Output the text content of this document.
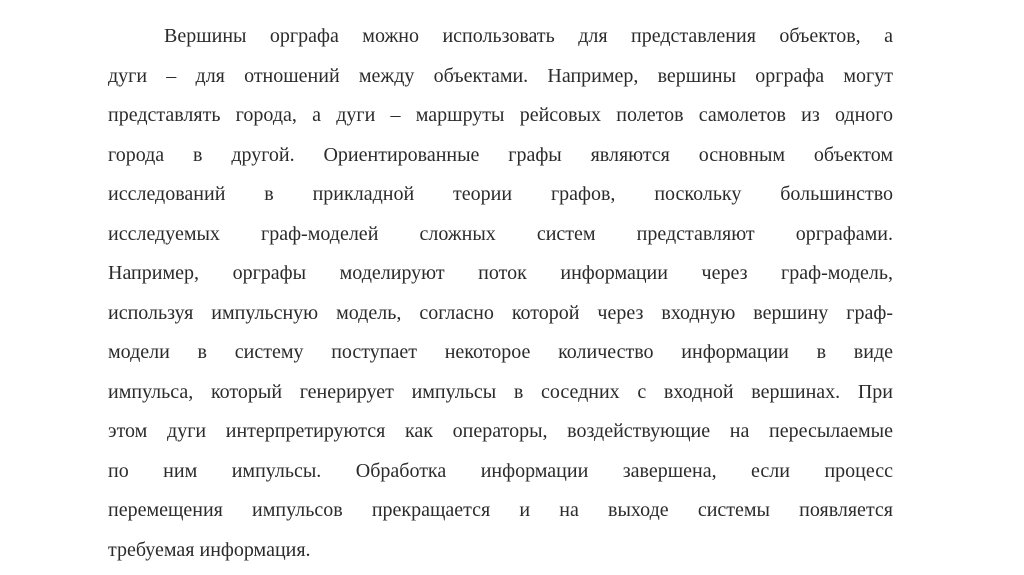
Вершины орграфа можно использовать для представления объектов, а
дуги – для отношений между объектами. Например, вершины орграфа могут
представлять города, а дуги – маршруты рейсовых полетов самолетов из одного
города в другой. Ориентированные графы являются основным объектом
исследований в прикладной теории графов, поскольку большинство
исследуемых граф-моделей сложных систем представляют орграфами.
Например, орграфы моделируют поток информации через граф-модель,
используя импульсную модель, согласно которой через входную вершину граф-
модели в систему поступает некоторое количество информации в виде
импульса, который генерирует импульсы в соседних с входной вершинах. При
этом дуги интерпретируются как операторы, воздействующие на пересылаемые
по ним импульсы. Обработка информации завершена, если процесс
перемещения импульсов прекращается и на выходе системы появляется
требуемая информация.
